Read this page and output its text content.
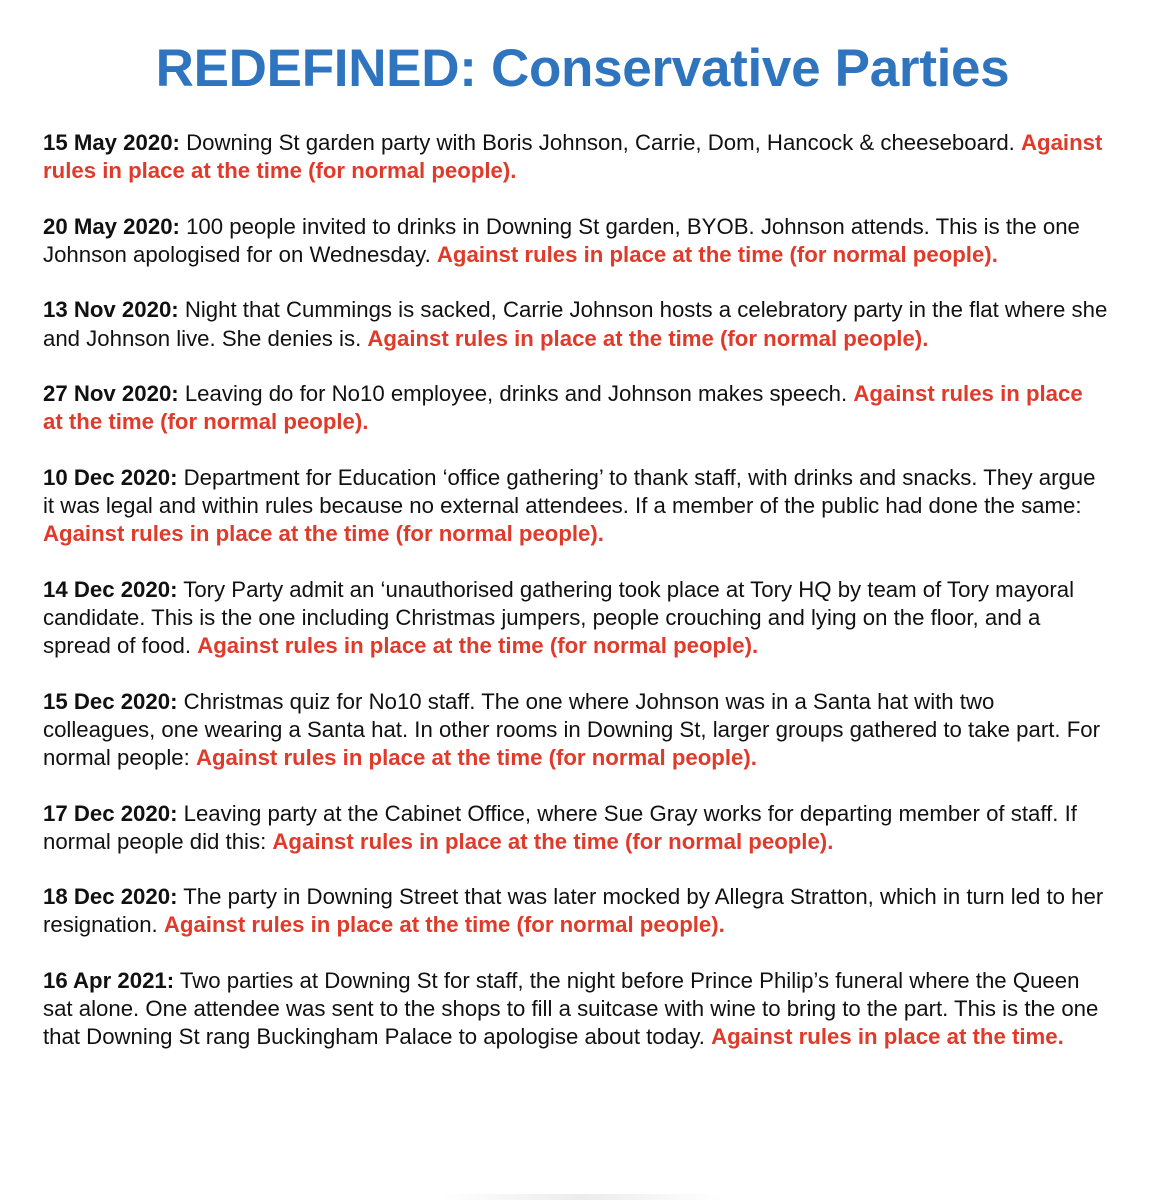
REDEFINED: Conservative Parties

15 May 2020: Downing St garden party with Boris Johnson, Carrie, Dom, Hancock & cheeseboard. Against rules in place at the time (for normal people).

20 May 2020: 100 people invited to drinks in Downing St garden, BYOB. Johnson attends. This is the one Johnson apologised for on Wednesday. Against rules in place at the time (for normal people).

13 Nov 2020: Night that Cummings is sacked, Carrie Johnson hosts a celebratory party in the flat where she and Johnson live. She denies is. Against rules in place at the time (for normal people).

27 Nov 2020: Leaving do for No10 employee, drinks and Johnson makes speech. Against rules in place at the time (for normal people).

10 Dec 2020: Department for Education ‘office gathering’ to thank staff, with drinks and snacks. They argue it was legal and within rules because no external attendees. If a member of the public had done the same: Against rules in place at the time (for normal people).

14 Dec 2020: Tory Party admit an ‘unauthorised gathering took place at Tory HQ by team of Tory mayoral candidate. This is the one including Christmas jumpers, people crouching and lying on the floor, and a spread of food. Against rules in place at the time (for normal people).

15 Dec 2020: Christmas quiz for No10 staff. The one where Johnson was in a Santa hat with two colleagues, one wearing a Santa hat. In other rooms in Downing St, larger groups gathered to take part. For normal people: Against rules in place at the time (for normal people).

17 Dec 2020: Leaving party at the Cabinet Office, where Sue Gray works for departing member of staff. If normal people did this: Against rules in place at the time (for normal people).

18 Dec 2020: The party in Downing Street that was later mocked by Allegra Stratton, which in turn led to her resignation. Against rules in place at the time (for normal people).

16 Apr 2021: Two parties at Downing St for staff, the night before Prince Philip’s funeral where the Queen sat alone. One attendee was sent to the shops to fill a suitcase with wine to bring to the part. This is the one that Downing St rang Buckingham Palace to apologise about today. Against rules in place at the time.
